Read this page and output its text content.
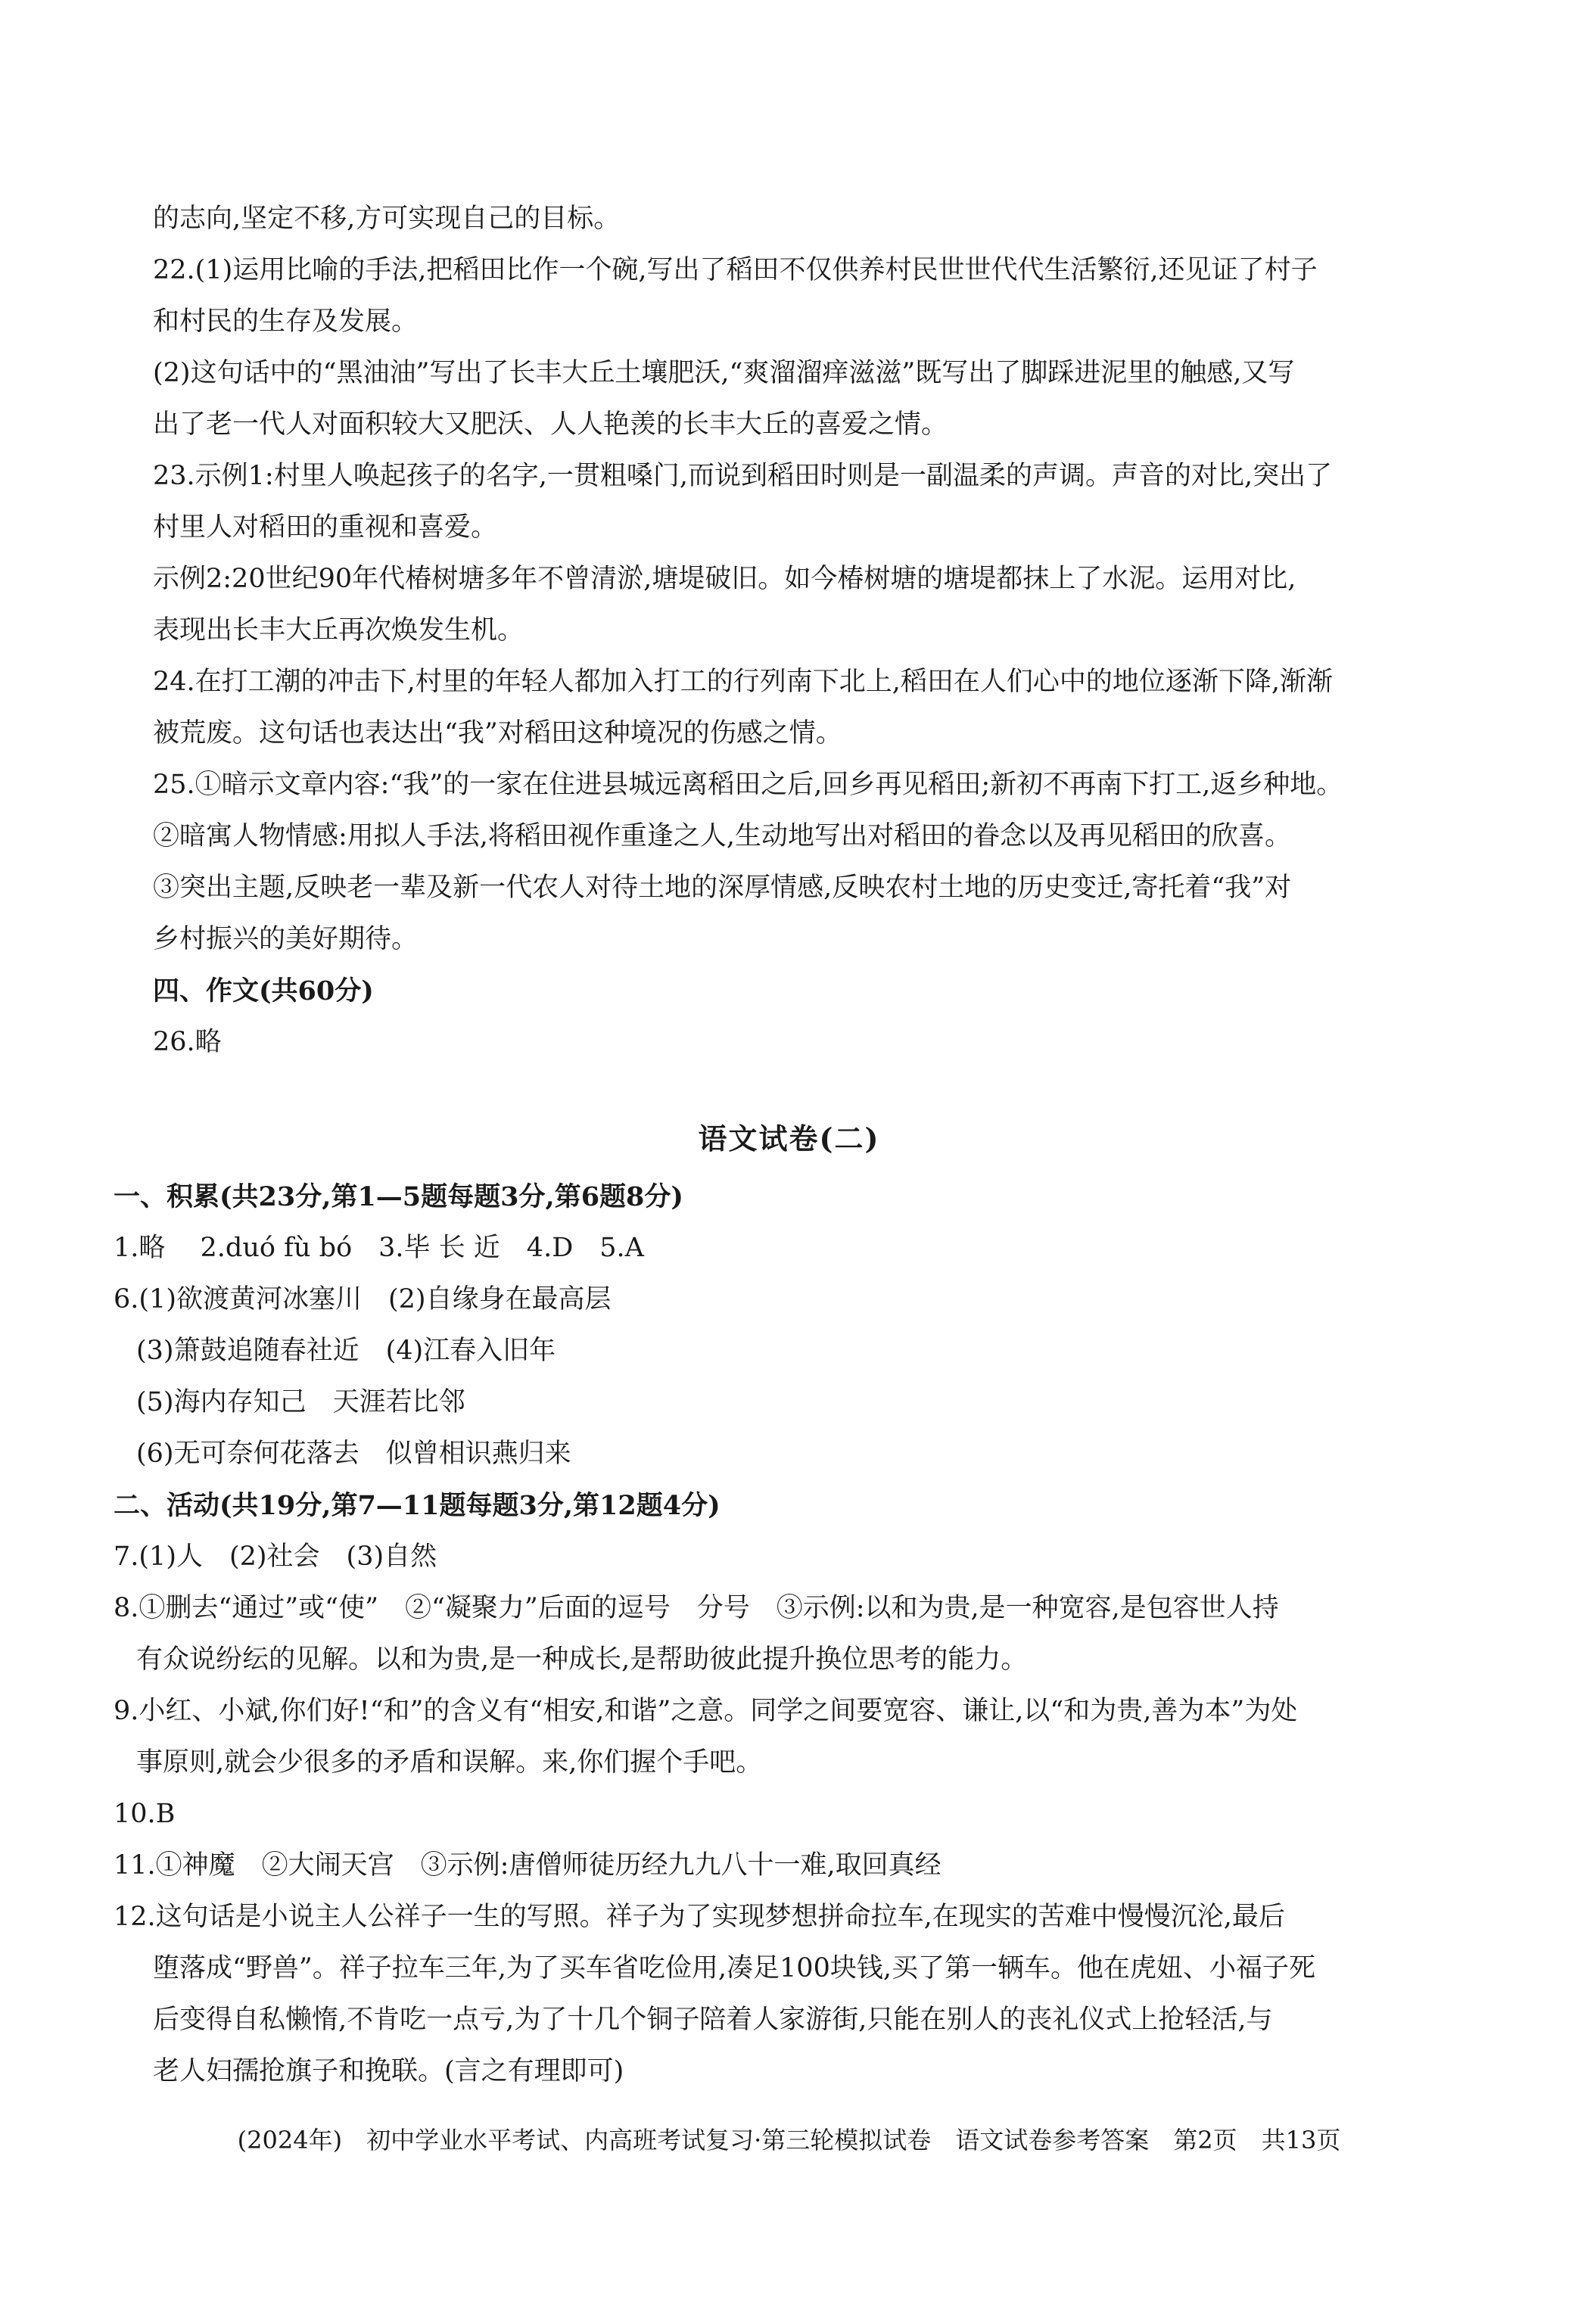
的志向,坚定不移,方可实现自己的目标。
22.(1)运用比喻的手法,把稻田比作一个碗,写出了稻田不仅供养村民世世代代生活繁衍,还见证了村子
和村民的生存及发展。
(2)这句话中的“黑油油”写出了长丰大丘土壤肥沃,“爽溜溜痒滋滋”既写出了脚踩进泥里的触感,又写
出了老一代人对面积较大又肥沃、人人艳羡的长丰大丘的喜爱之情。
23.示例1:村里人唤起孩子的名字,一贯粗嗓门,而说到稻田时则是一副温柔的声调。声音的对比,突出了
村里人对稻田的重视和喜爱。
示例2:20世纪90年代椿树塘多年不曾清淤,塘堤破旧。如今椿树塘的塘堤都抹上了水泥。运用对比,
表现出长丰大丘再次焕发生机。
24.在打工潮的冲击下,村里的年轻人都加入打工的行列南下北上,稻田在人们心中的地位逐渐下降,渐渐
被荒废。这句话也表达出“我”对稻田这种境况的伤感之情。
25.①暗示文章内容:“我”的一家在住进县城远离稻田之后,回乡再见稻田;新初不再南下打工,返乡种地。
②暗寓人物情感:用拟人手法,将稻田视作重逢之人,生动地写出对稻田的眷念以及再见稻田的欣喜。
③突出主题,反映老一辈及新一代农人对待土地的深厚情感,反映农村土地的历史变迁,寄托着“我”对
乡村振兴的美好期待。
四、作文(共60分)
26.略
语文试卷(二)
一、积累(共23分,第1—5题每题3分,第6题8分)
1.略　 2.duó fù bó　3.毕 长 近　4.D　5.A
6.(1)欲渡黄河冰塞川　(2)自缘身在最高层
(3)箫鼓追随春社近　(4)江春入旧年
(5)海内存知己　天涯若比邻
(6)无可奈何花落去　似曾相识燕归来
二、活动(共19分,第7—11题每题3分,第12题4分)
7.(1)人　(2)社会　(3)自然
8.①删去“通过”或“使”　②“凝聚力”后面的逗号　分号　③示例:以和为贵,是一种宽容,是包容世人持
有众说纷纭的见解。以和为贵,是一种成长,是帮助彼此提升换位思考的能力。
9.小红、小斌,你们好!“和”的含义有“相安,和谐”之意。同学之间要宽容、谦让,以“和为贵,善为本”为处
事原则,就会少很多的矛盾和误解。来,你们握个手吧。
10.B
11.①神魔　②大闹天宫　③示例:唐僧师徒历经九九八十一难,取回真经
12.这句话是小说主人公祥子一生的写照。祥子为了实现梦想拼命拉车,在现实的苦难中慢慢沉沦,最后
堕落成“野兽”。祥子拉车三年,为了买车省吃俭用,凑足100块钱,买了第一辆车。他在虎妞、小福子死
后变得自私懒惰,不肯吃一点亏,为了十几个铜子陪着人家游街,只能在别人的丧礼仪式上抢轻活,与
老人妇孺抢旗子和挽联。(言之有理即可)
(2024年)　初中学业水平考试、内高班考试复习·第三轮模拟试卷　语文试卷参考答案　第2页　共13页
